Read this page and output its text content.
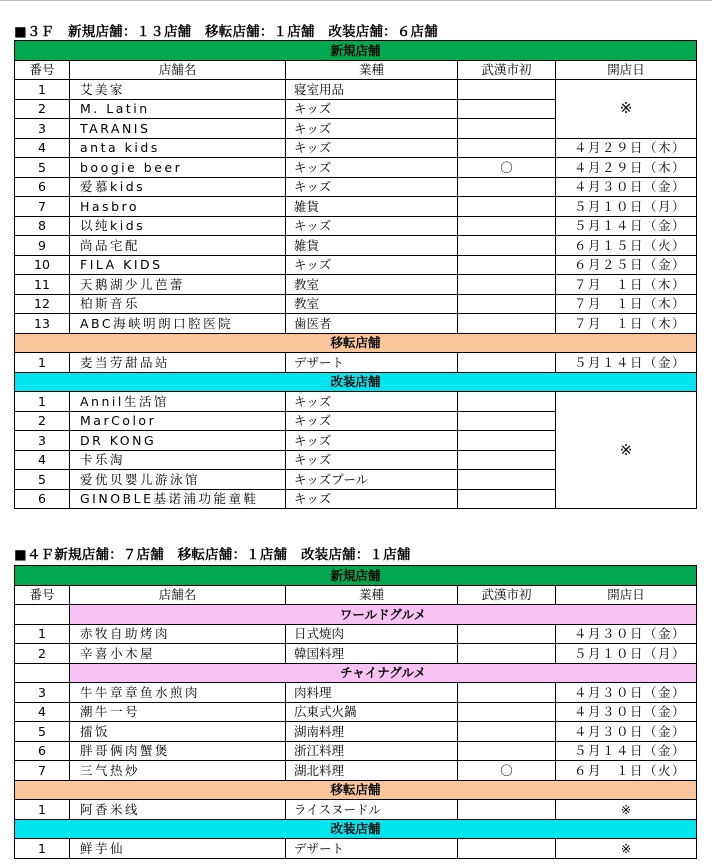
■３Ｆ　新規店舗：１３店舗　移転店舗：１店舗　改装店舗：６店舗
新規店舗				
番号	店舗名	業種	武漢市初	開店日
1	艾美家	寝室用品		※
2	M. Latin	キッズ		
3	TARANIS	キッズ		
4	anta kids	キッズ		４月２９日（木）
5	boogie beer	キッズ	〇	４月２９日（木）
6	爱慕kids	キッズ		４月３０日（金）
7	Hasbro	雑貨		５月１０日（月）
8	以纯kids	キッズ		５月１４日（金）
9	尚品宅配	雑貨		６月１５日（火）
10	FILA KIDS	キッズ		６月２５日（金）
11	天鹅湖少儿芭蕾	教室		７月　１日（木）
12	柏斯音乐	教室		７月　１日（木）
13	ABC海峡明朗口腔医院	歯医者		７月　１日（木）
移転店舗				
1	麦当劳甜品站	デザート		５月１４日（金）
改装店舗				
1	Annil生活馆	キッズ		※
2	MarColor	キッズ		
3	DR KONG	キッズ		
4	卡乐淘	キッズ		
5	爱优贝婴儿游泳馆	キッズプール		
6	GINOBLE基诺浦功能童鞋	キッズ		
■４Ｆ新規店舗：７店舗　移転店舗：１店舗　改装店舗：１店舗
新規店舗				
番号	店舗名	業種	武漢市初	開店日
	ワールドグルメ			
1	赤牧自助烤肉	日式焼肉		４月３０日（金）
2	辛喜小木屋	韓国料理		５月１０日（月）
	チャイナグルメ			
3	牛牛章章鱼水煎肉	肉料理		４月３０日（金）
4	潮牛一号	広東式火鍋		４月３０日（金）
5	擂饭	湖南料理		４月３０日（金）
6	胖哥俩肉蟹煲	浙江料理		５月１４日（金）
7	三气热炒	湖北料理	〇	６月　１日（火）
移転店舗				
1	阿香米线	ライスヌードル		※
改装店舗				
1	鲜芋仙	デザート		※
